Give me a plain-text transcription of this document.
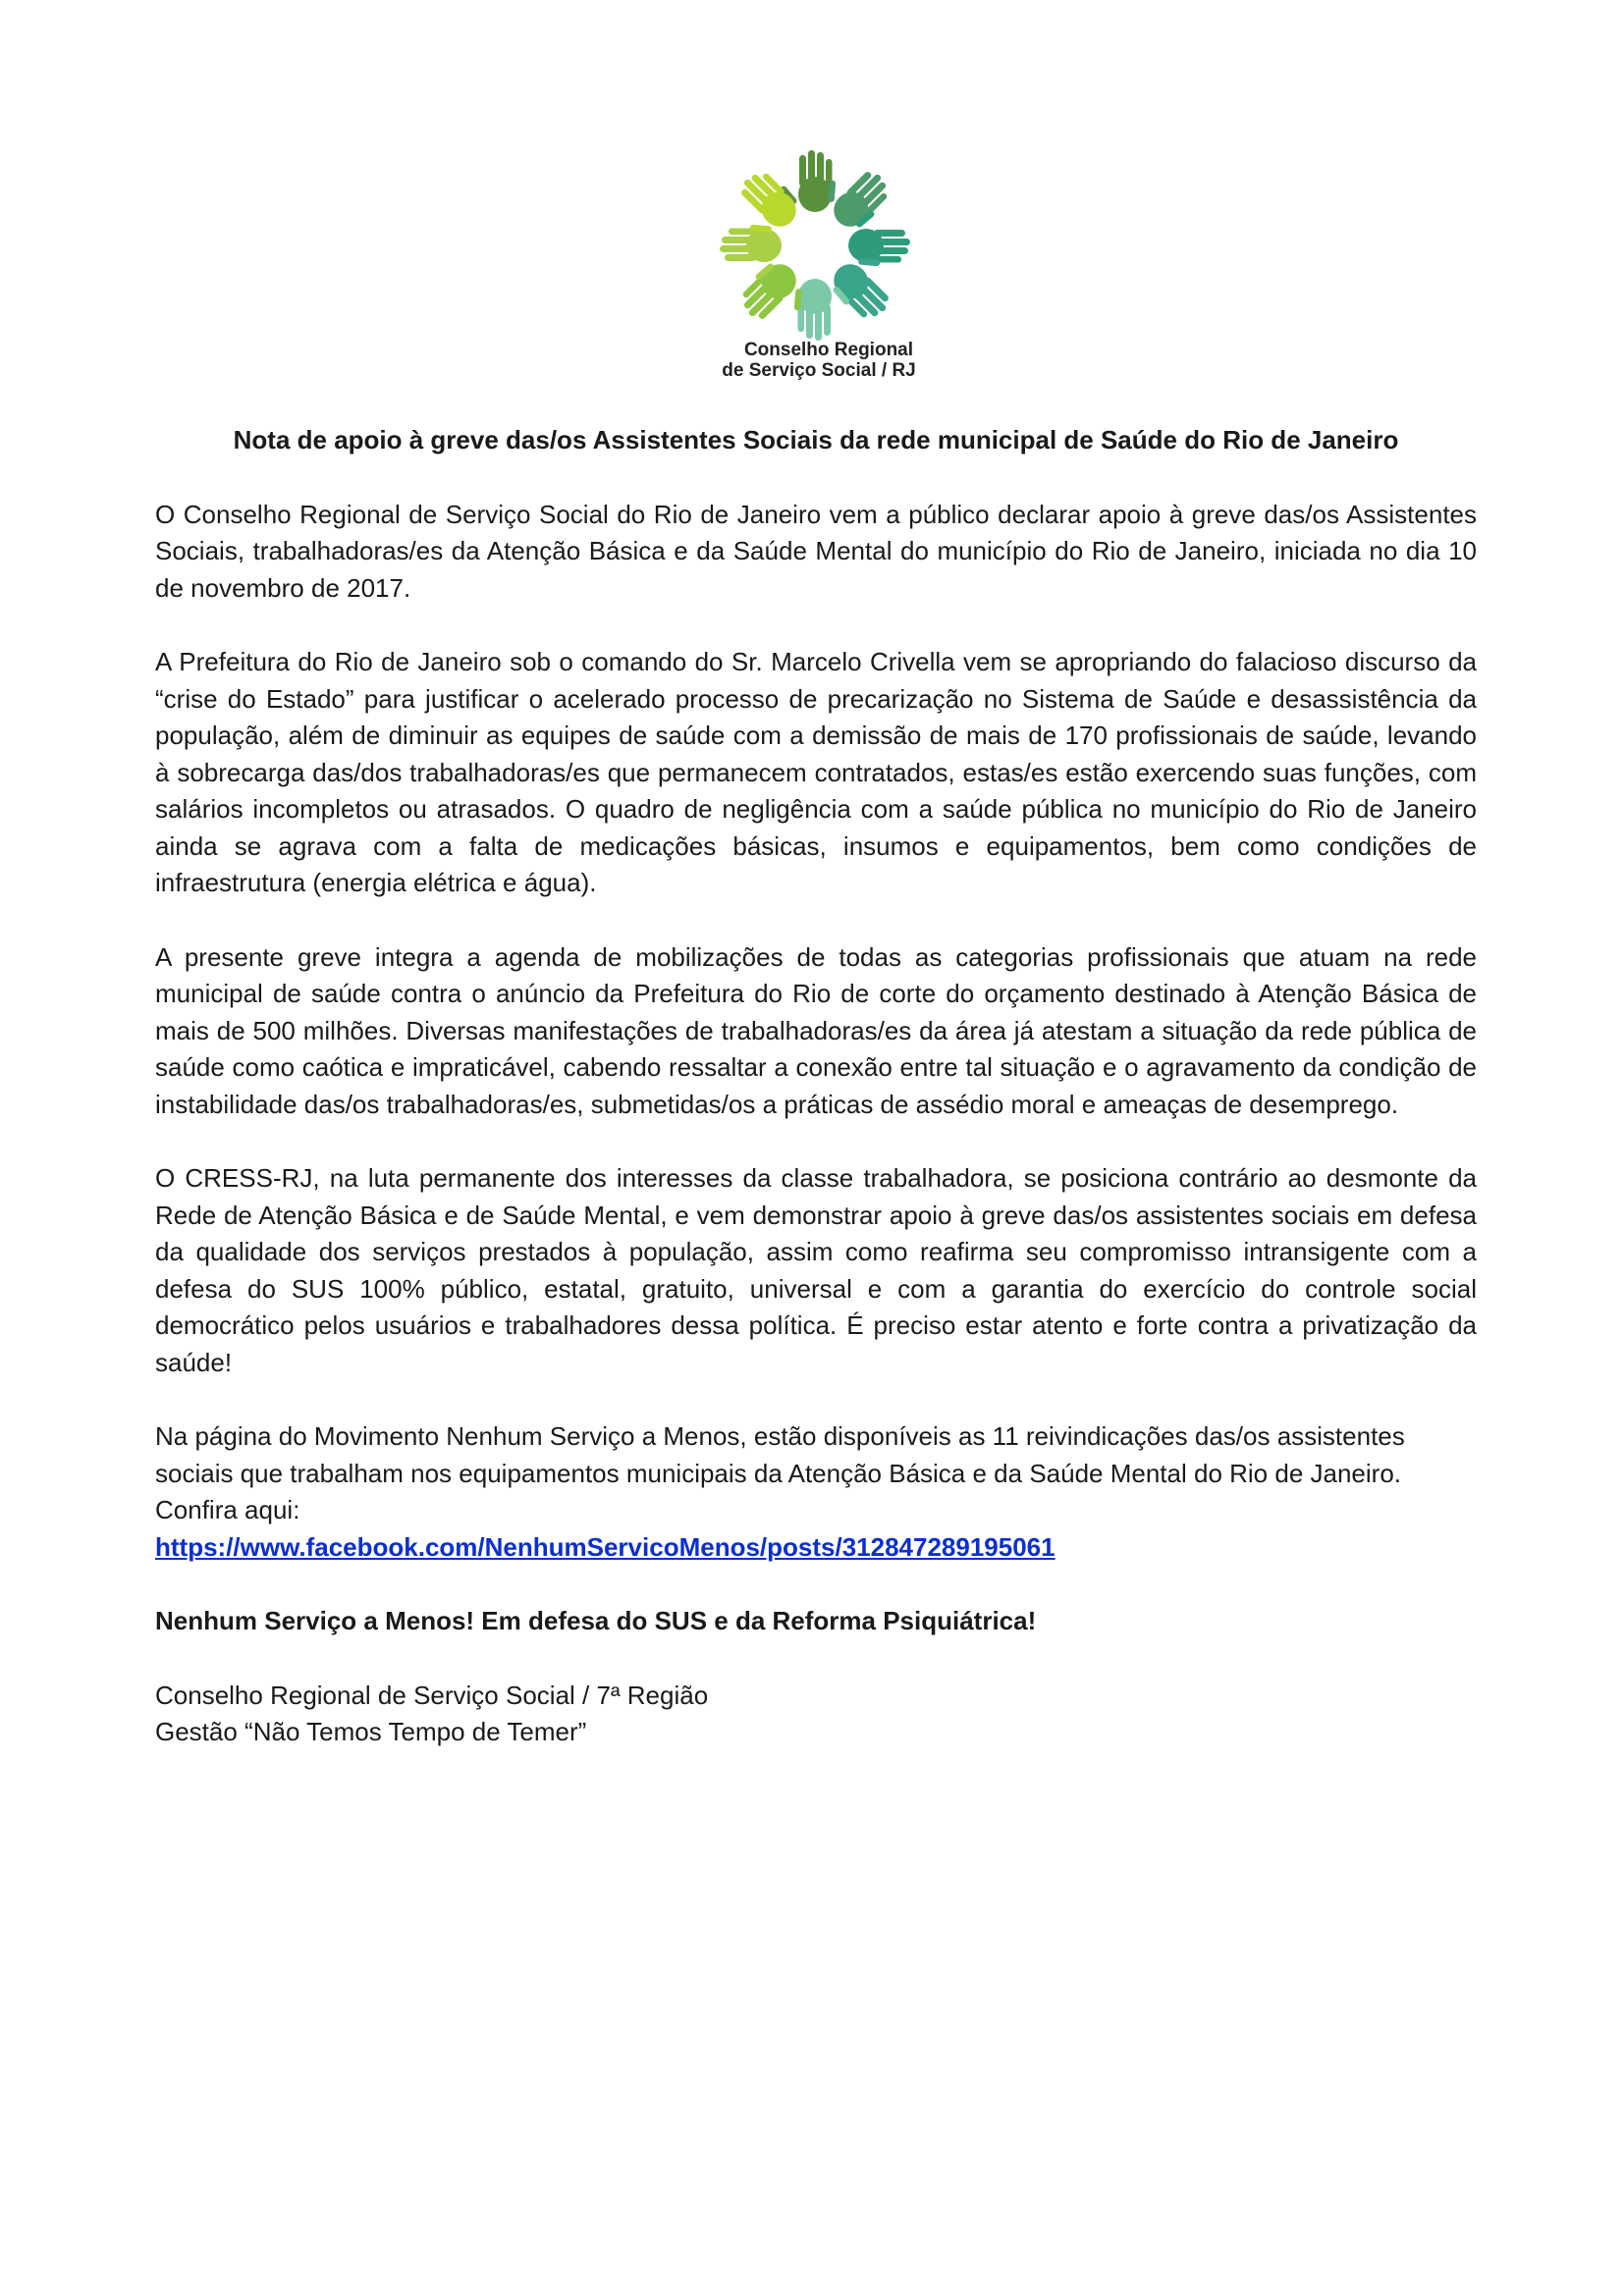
Conselho Regional
de Serviço Social / RJ

Nota de apoio à greve das/os Assistentes Sociais da rede municipal de Saúde do Rio de Janeiro

O Conselho Regional de Serviço Social do Rio de Janeiro vem a público declarar apoio à greve das/os Assistentes Sociais, trabalhadoras/es da Atenção Básica e da Saúde Mental do município do Rio de Janeiro, iniciada no dia 10 de novembro de 2017.

A Prefeitura do Rio de Janeiro sob o comando do Sr. Marcelo Crivella vem se apropriando do falacioso discurso da “crise do Estado” para justificar o acelerado processo de precarização no Sistema de Saúde e desassistência da população, além de diminuir as equipes de saúde com a demissão de mais de 170 profissionais de saúde, levando à sobrecarga das/dos trabalhadoras/es que permanecem contratados, estas/es estão exercendo suas funções, com salários incompletos ou atrasados. O quadro de negligência com a saúde pública no município do Rio de Janeiro ainda se agrava com a falta de medicações básicas, insumos e equipamentos, bem como condições de infraestrutura (energia elétrica e água).

A presente greve integra a agenda de mobilizações de todas as categorias profissionais que atuam na rede municipal de saúde contra o anúncio da Prefeitura do Rio de corte do orçamento destinado à Atenção Básica de mais de 500 milhões. Diversas manifestações de trabalhadoras/es da área já atestam a situação da rede pública de saúde como caótica e impraticável, cabendo ressaltar a conexão entre tal situação e o agravamento da condição de instabilidade das/os trabalhadoras/es, submetidas/os a práticas de assédio moral e ameaças de desemprego.

O CRESS-RJ, na luta permanente dos interesses da classe trabalhadora, se posiciona contrário ao desmonte da Rede de Atenção Básica e de Saúde Mental, e vem demonstrar apoio à greve das/os assistentes sociais em defesa da qualidade dos serviços prestados à população, assim como reafirma seu compromisso intransigente com a defesa do SUS 100% público, estatal, gratuito, universal e com a garantia do exercício do controle social democrático pelos usuários e trabalhadores dessa política. É preciso estar atento e forte contra a privatização da saúde!

Na página do Movimento Nenhum Serviço a Menos, estão disponíveis as 11 reivindicações das/os assistentes sociais que trabalham nos equipamentos municipais da Atenção Básica e da Saúde Mental do Rio de Janeiro. Confira aqui:
https://www.facebook.com/NenhumServicoMenos/posts/312847289195061

Nenhum Serviço a Menos! Em defesa do SUS e da Reforma Psiquiátrica!

Conselho Regional de Serviço Social / 7ª Região
Gestão “Não Temos Tempo de Temer”
